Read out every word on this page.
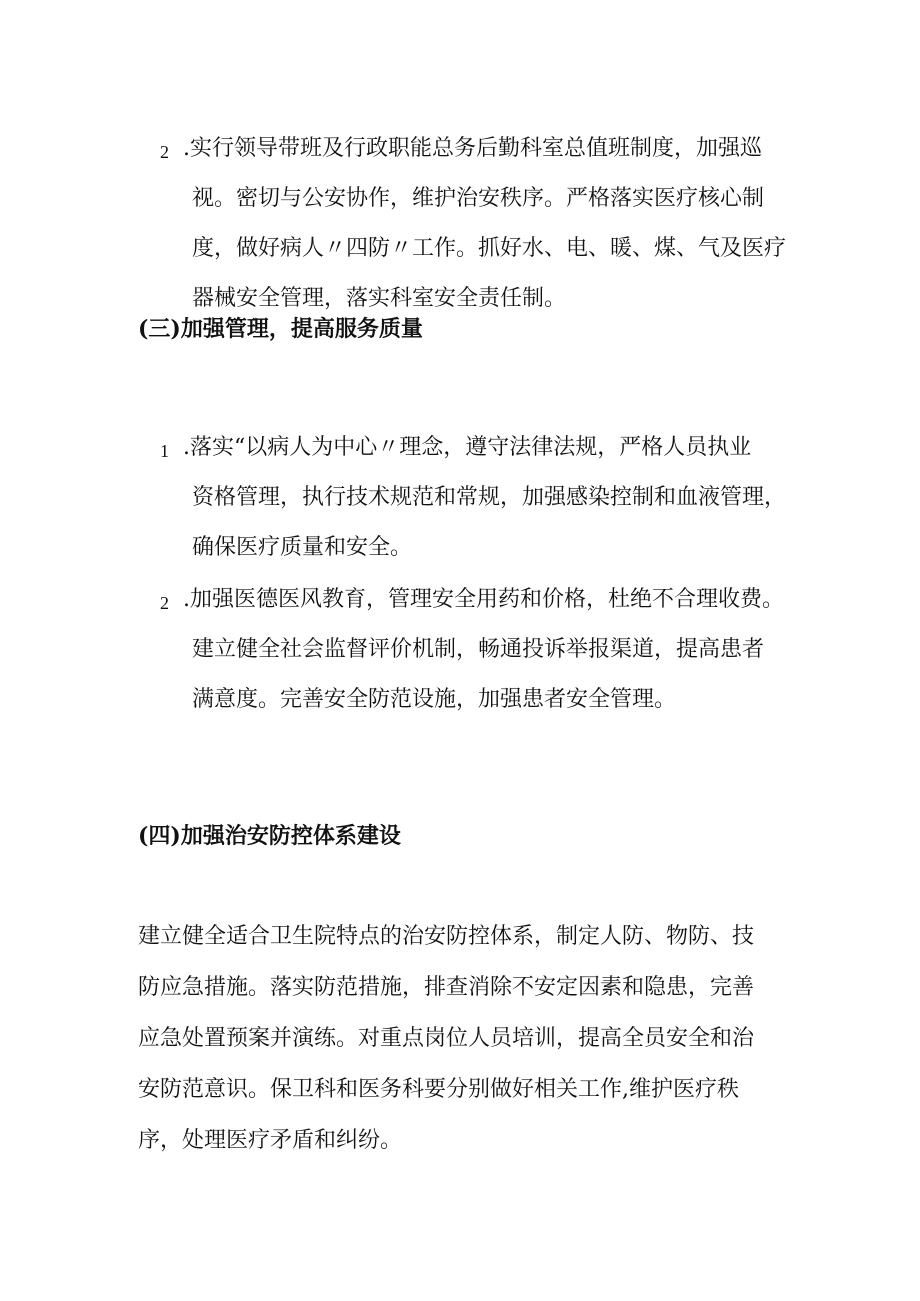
2 .实行领导带班及行政职能总务后勤科室总值班制度，加强巡
视。密切与公安协作，维护治安秩序。严格落实医疗核心制
度，做好病人〃四防〃工作。抓好水、电、暖、煤、气及医疗
器械安全管理，落实科室安全责任制。
(三)加强管理，提高服务质量
1 .落实“以病人为中心〃理念，遵守法律法规，严格人员执业
资格管理，执行技术规范和常规，加强感染控制和血液管理，
确保医疗质量和安全。
2 .加强医德医风教育，管理安全用药和价格，杜绝不合理收费。
建立健全社会监督评价机制，畅通投诉举报渠道，提高患者
满意度。完善安全防范设施，加强患者安全管理。
(四)加强治安防控体系建设
建立健全适合卫生院特点的治安防控体系，制定人防、物防、技
防应急措施。落实防范措施，排查消除不安定因素和隐患，完善
应急处置预案并演练。对重点岗位人员培训，提高全员安全和治
安防范意识。保卫科和医务科要分别做好相关工作,维护医疗秩
序，处理医疗矛盾和纠纷。
